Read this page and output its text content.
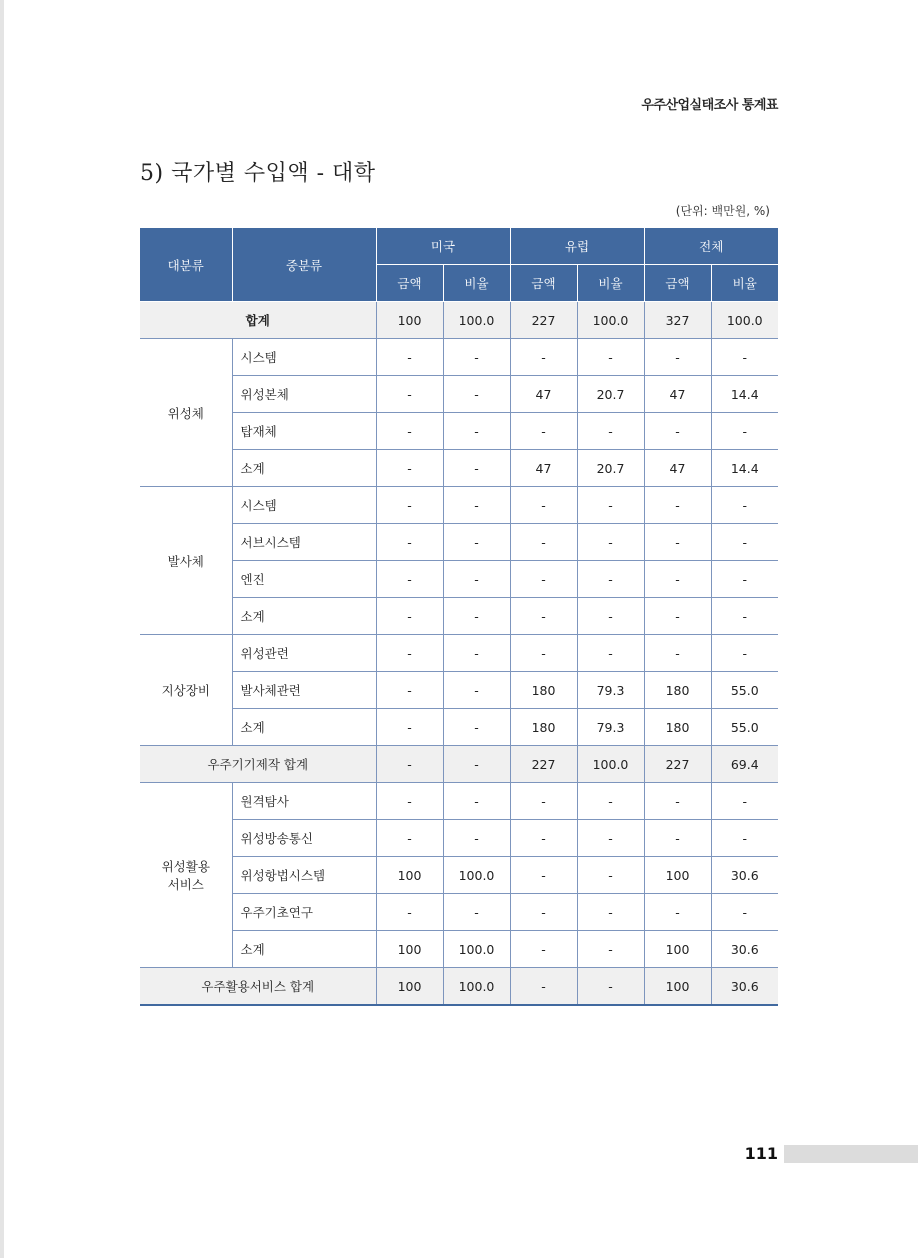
우주산업실태조사 통계표
5) 국가별 수입액 - 대학
(단위: 백만원, %)
대분류	중분류	미국		유럽		전체	
		금액	비율	금액	비율	금액	비율
합계		100	100.0	227	100.0	327	100.0
위성체	시스템	-	-	-	-	-	-
	위성본체	-	-	47	20.7	47	14.4
	탑재체	-	-	-	-	-	-
	소계	-	-	47	20.7	47	14.4
발사체	시스템	-	-	-	-	-	-
	서브시스템	-	-	-	-	-	-
	엔진	-	-	-	-	-	-
	소계	-	-	-	-	-	-
지상장비	위성관련	-	-	-	-	-	-
	발사체관련	-	-	180	79.3	180	55.0
	소계	-	-	180	79.3	180	55.0
우주기기제작 합계		-	-	227	100.0	227	69.4
위성활용
서비스	원격탐사	-	-	-	-	-	-
	위성방송통신	-	-	-	-	-	-
	위성항법시스템	100	100.0	-	-	100	30.6
	우주기초연구	-	-	-	-	-	-
	소계	100	100.0	-	-	100	30.6
우주활용서비스 합계		100	100.0	-	-	100	30.6
111
